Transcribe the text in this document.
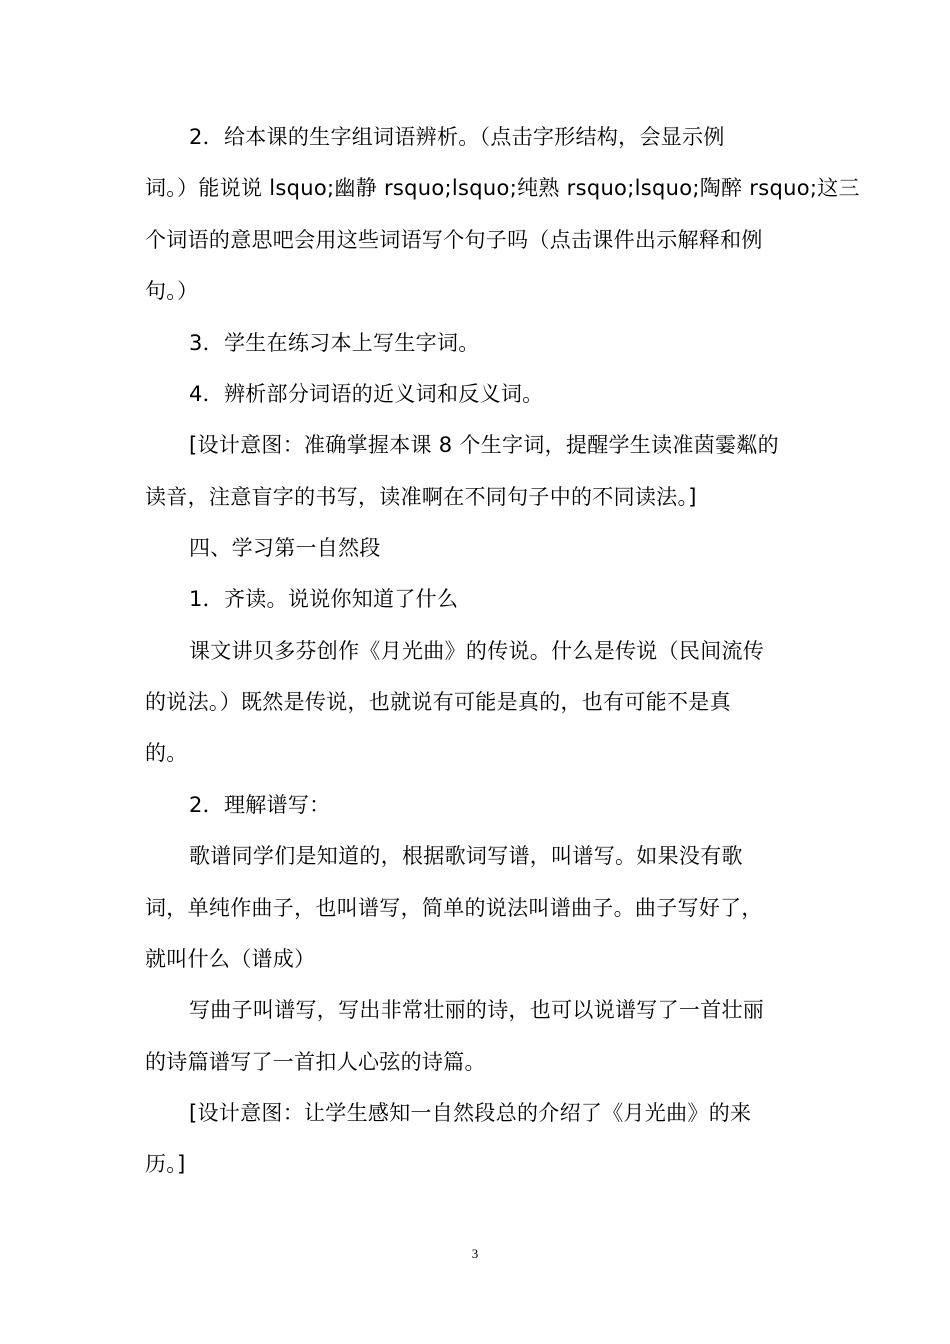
2．给本课的生字组词语辨析。（点击字形结构，会显示例
词。）能说说 lsquo;幽静 rsquo;lsquo;纯熟 rsquo;lsquo;陶醉 rsquo;这三
个词语的意思吧会用这些词语写个句子吗（点击课件出示解释和例
句。）
3．学生在练习本上写生字词。
4．辨析部分词语的近义词和反义词。
[设计意图：准确掌握本课 8 个生字词，提醒学生读准茵霎粼的
读音，注意盲字的书写，读准啊在不同句子中的不同读法。]
四、学习第一自然段
1．齐读。说说你知道了什么
课文讲贝多芬创作《月光曲》的传说。什么是传说（民间流传
的说法。）既然是传说，也就说有可能是真的，也有可能不是真
的。
2．理解谱写：
歌谱同学们是知道的，根据歌词写谱，叫谱写。如果没有歌
词，单纯作曲子，也叫谱写，简单的说法叫谱曲子。曲子写好了，
就叫什么（谱成）
写曲子叫谱写，写出非常壮丽的诗，也可以说谱写了一首壮丽
的诗篇谱写了一首扣人心弦的诗篇。
[设计意图：让学生感知一自然段总的介绍了《月光曲》的来
历。]
3
